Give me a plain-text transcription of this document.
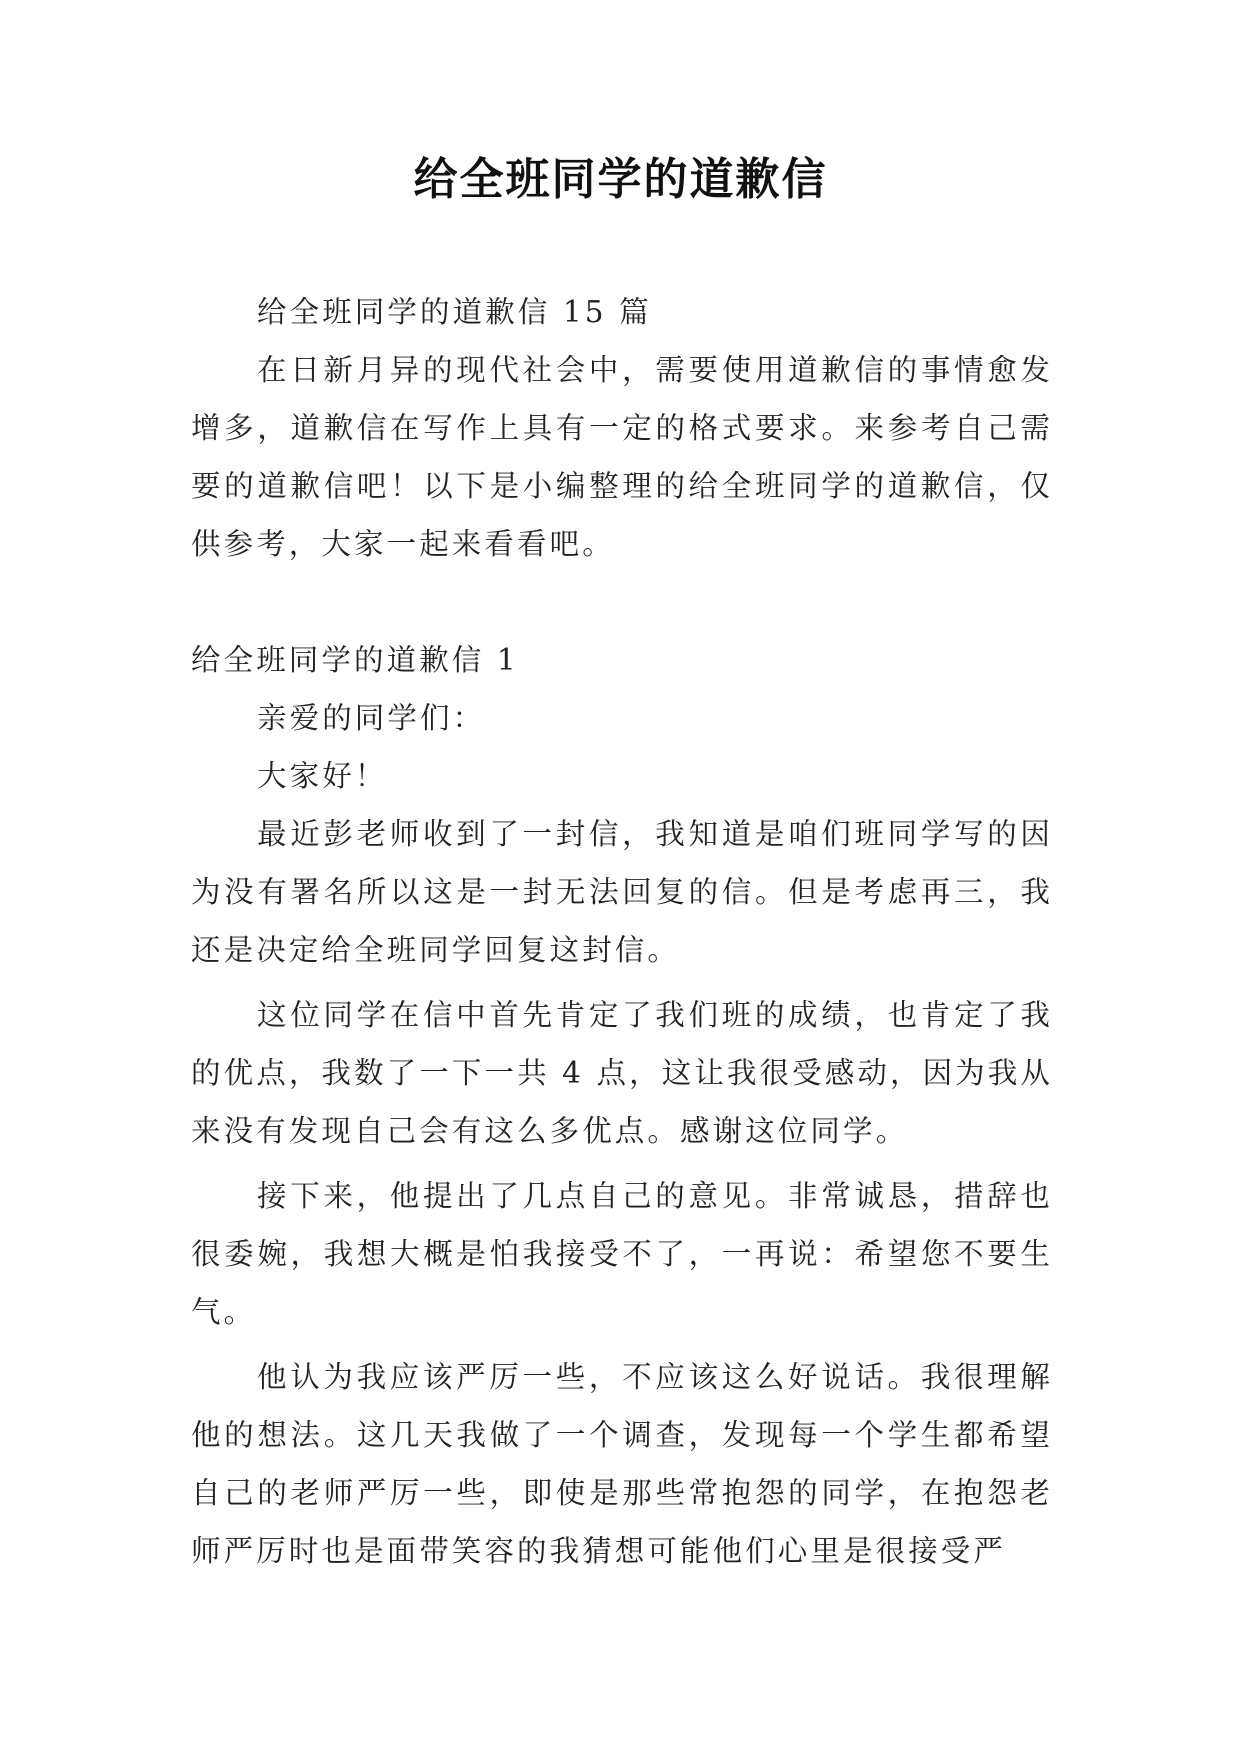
给全班同学的道歉信

给全班同学的道歉信 15 篇

在日新月异的现代社会中，需要使用道歉信的事情愈发增多，道歉信在写作上具有一定的格式要求。来参考自己需要的道歉信吧！以下是小编整理的给全班同学的道歉信，仅供参考，大家一起来看看吧。

给全班同学的道歉信 1

亲爱的同学们：

大家好！

最近彭老师收到了一封信，我知道是咱们班同学写的因为没有署名所以这是一封无法回复的信。但是考虑再三，我还是决定给全班同学回复这封信。

这位同学在信中首先肯定了我们班的成绩，也肯定了我的优点，我数了一下一共 4 点，这让我很受感动，因为我从来没有发现自己会有这么多优点。感谢这位同学。

接下来，他提出了几点自己的意见。非常诚恳，措辞也很委婉，我想大概是怕我接受不了，一再说：希望您不要生气。

他认为我应该严厉一些，不应该这么好说话。我很理解他的想法。这几天我做了一个调查，发现每一个学生都希望自己的老师严厉一些，即使是那些常抱怨的同学，在抱怨老师严厉时也是面带笑容的我猜想可能他们心里是很接受严
